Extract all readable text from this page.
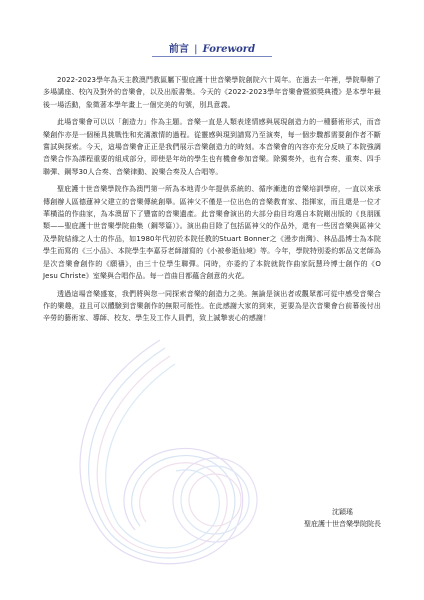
前言 | Foreword

2022-2023學年為天主教澳門教區屬下聖庇護十世音樂學院創院六十周年。在過去一年裡，學院舉辦了多場講座、校內及對外的音樂會，以及出版書集。今天的《2022-2023學年音樂會暨頒獎典禮》是本學年最後一場活動，象徵著本學年畫上一個完美的句號，別具意義。

此場音樂會可以以「創造力」作為主題。音樂一直是人類表達情感與展現創造力的一種藝術形式，而音樂創作亦是一個極具挑戰性和充滿激情的過程。從靈感與現到譜寫乃至演奏，每一個步驟都需要創作者不斷嘗試與探索。今天，這場音樂會正正是我們展示音樂創造力的時刻。本音樂會的內容亦充分反映了本院強調音樂合作為課程重要的組成部分，即使是年幼的學生也有機會參加音樂。除獨奏外，也有合奏、重奏、四手聯彈、鋼琴30人合奏、音樂律動、說樂合奏及人合唱等。

聖庇護十世音樂學院作為澳門第一所為本地青少年提供系統的、循序漸進的音樂培訓學府，一直以來承傳創辦人區德蓮神父建立的音樂傳統創舉。區神父不僅是一位出色的音樂教育家、指揮家，而且還是一位才華橫溢的作曲家，為本澳留下了豐富的音樂遺產。此音樂會演出的大部分曲目均選自本院剛出版的《良朋匯類——聖庇護十世音樂學院曲集（鋼琴篇）》。演出曲目除了包括區神父的作品外，還有一些因音樂與區神父及學院結緣之人士的作品，如1980年代初於本院任教的Stuart Bonner之《漫步南灣》、林品晶博士為本院學生而寫的《三小品》、本院學生李嘉芬老師譜寫的《小被參逝仙境》等。今年，學院特別委約郭品文老師為是次音樂會創作的《願禱》，由三十位學生聯彈。同時，亦委約了本院就院作曲家阮慧玲博士創作的《O Jesu Christe》室樂與合唱作品。每一首曲目都蘊含創意的火花。

透過這場音樂盛宴，我們將與您一同探索音樂的創造力之美。無論是演出者或觀眾都可從中感受音樂合作的樂趣，並且可以體驗到音樂創作的無限可能性。在此感謝大家的到來，更要為是次音樂會台前幕後付出辛勞的藝術家、導師、校友、學生及工作人員們，致上誠摯衷心的感謝！

沈穎瑤
聖庇護十世音樂學院院長
